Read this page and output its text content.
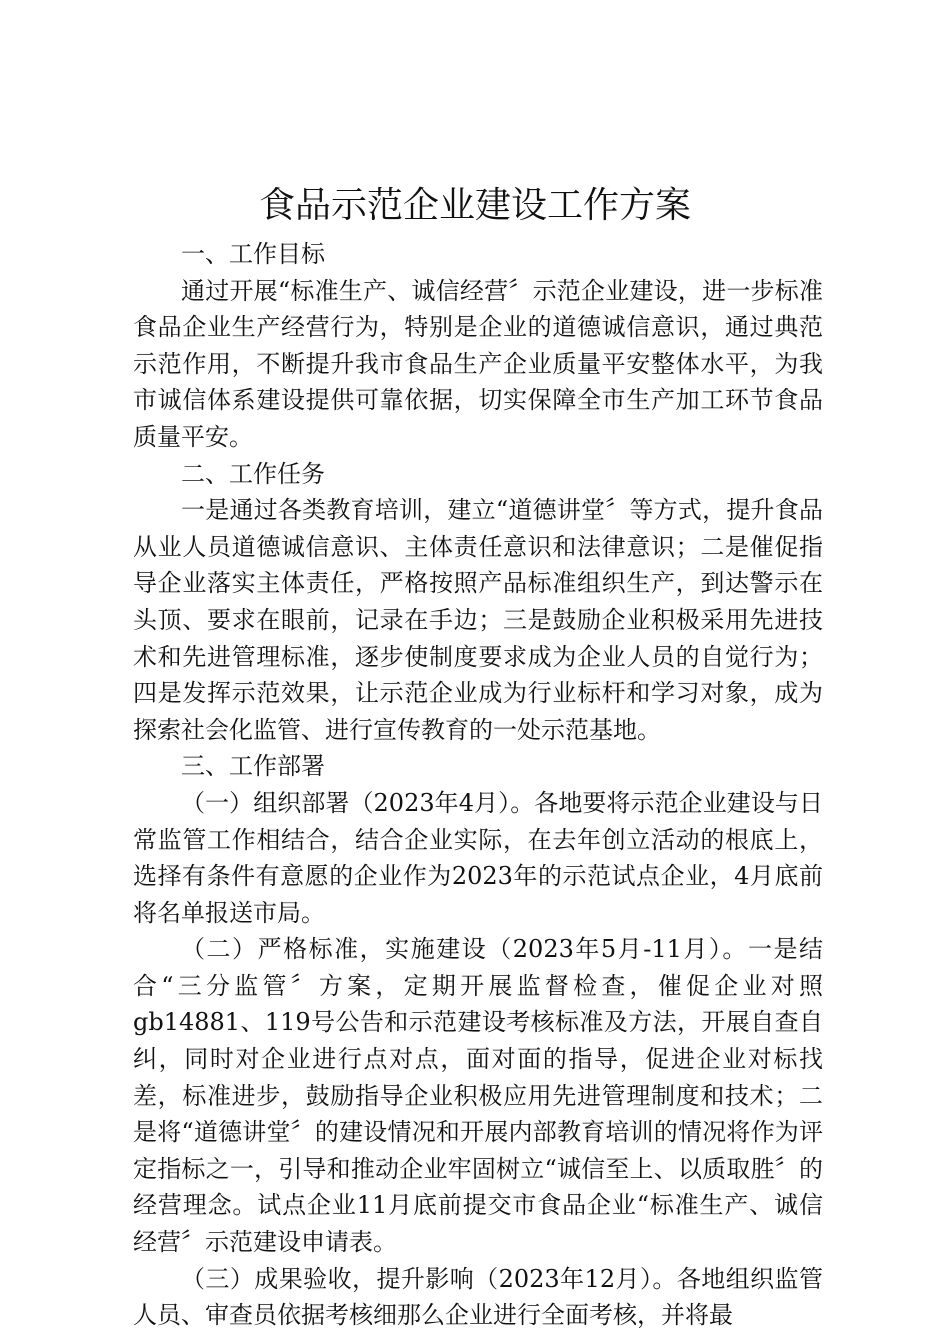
食品示范企业建设工作方案

一、工作目标

通过开展“标准生产、诚信经营〞示范企业建设，进一步标准食品企业生产经营行为，特别是企业的道德诚信意识，通过典范示范作用，不断提升我市食品生产企业质量平安整体水平，为我市诚信体系建设提供可靠依据，切实保障全市生产加工环节食品质量平安。

二、工作任务

一是通过各类教育培训，建立“道德讲堂〞等方式，提升食品从业人员道德诚信意识、主体责任意识和法律意识；二是催促指导企业落实主体责任，严格按照产品标准组织生产，到达警示在头顶、要求在眼前，记录在手边；三是鼓励企业积极采用先进技术和先进管理标准，逐步使制度要求成为企业人员的自觉行为；四是发挥示范效果，让示范企业成为行业标杆和学习对象，成为探索社会化监管、进行宣传教育的一处示范基地。

三、工作部署

（一）组织部署（2023年4月）。各地要将示范企业建设与日常监管工作相结合，结合企业实际，在去年创立活动的根底上，选择有条件有意愿的企业作为2023年的示范试点企业，4月底前将名单报送市局。

（二）严格标准，实施建设（2023年5月-11月）。一是结合“三分监管〞方案，定期开展监督检查，催促企业对照gb14881、119号公告和示范建设考核标准及方法，开展自查自纠，同时对企业进行点对点，面对面的指导，促进企业对标找差，标准进步，鼓励指导企业积极应用先进管理制度和技术；二是将“道德讲堂〞的建设情况和开展内部教育培训的情况将作为评定指标之一，引导和推动企业牢固树立“诚信至上、以质取胜〞的经营理念。试点企业11月底前提交市食品企业“标准生产、诚信经营〞示范建设申请表。

（三）成果验收，提升影响（2023年12月）。各地组织监管人员、审查员依据考核细那么企业进行全面考核，并将最
